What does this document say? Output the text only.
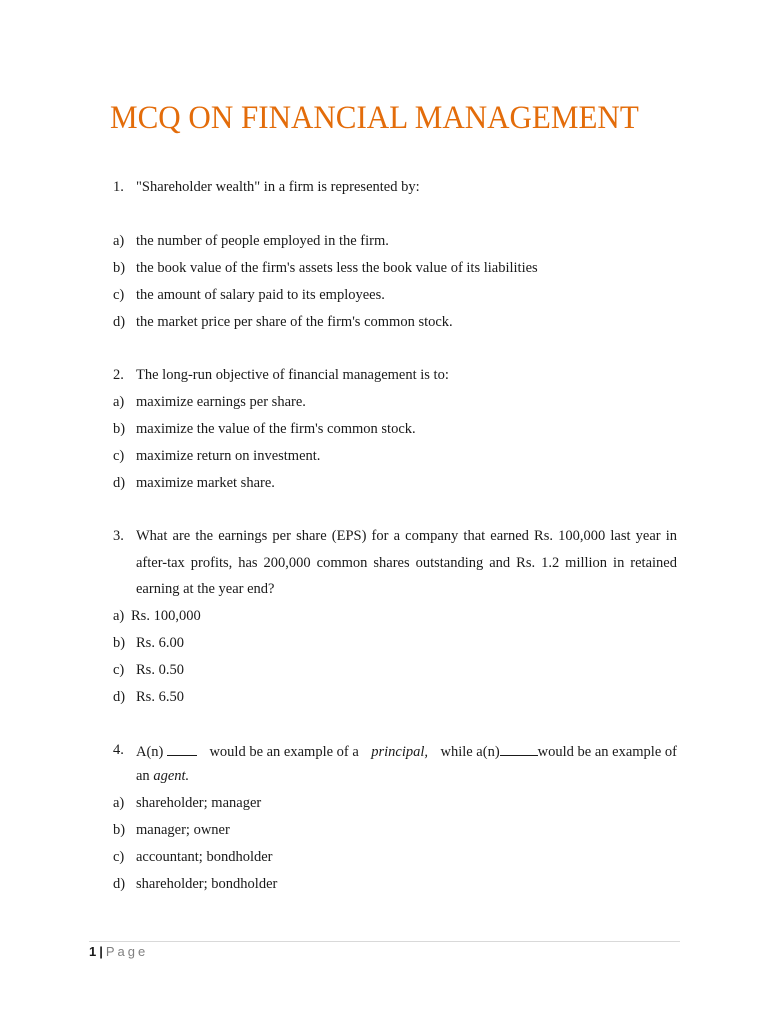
MCQ ON FINANCIAL MANAGEMENT
1. "Shareholder wealth" in a firm is represented by:
a) the number of people employed in the firm.
b) the book value of the firm's assets less the book value of its liabilities
c) the amount of salary paid to its employees.
d) the market price per share of the firm's common stock.
2. The long-run objective of financial management is to:
a) maximize earnings per share.
b) maximize the value of the firm's common stock.
c) maximize return on investment.
d) maximize market share.
3. What are the earnings per share (EPS) for a company that earned Rs. 100,000 last year in
after-tax profits, has 200,000 common shares outstanding and Rs. 1.2 million in retained
earning at the year end?
a) Rs. 100,000
b) Rs. 6.00
c) Rs. 0.50
d) Rs. 6.50
4. A(n)	would be an example of a principal, while a(n)	would be an example of
an agent.
a) shareholder; manager
b) manager; owner
c) accountant; bondholder
d) shareholder; bondholder
1 | Page
